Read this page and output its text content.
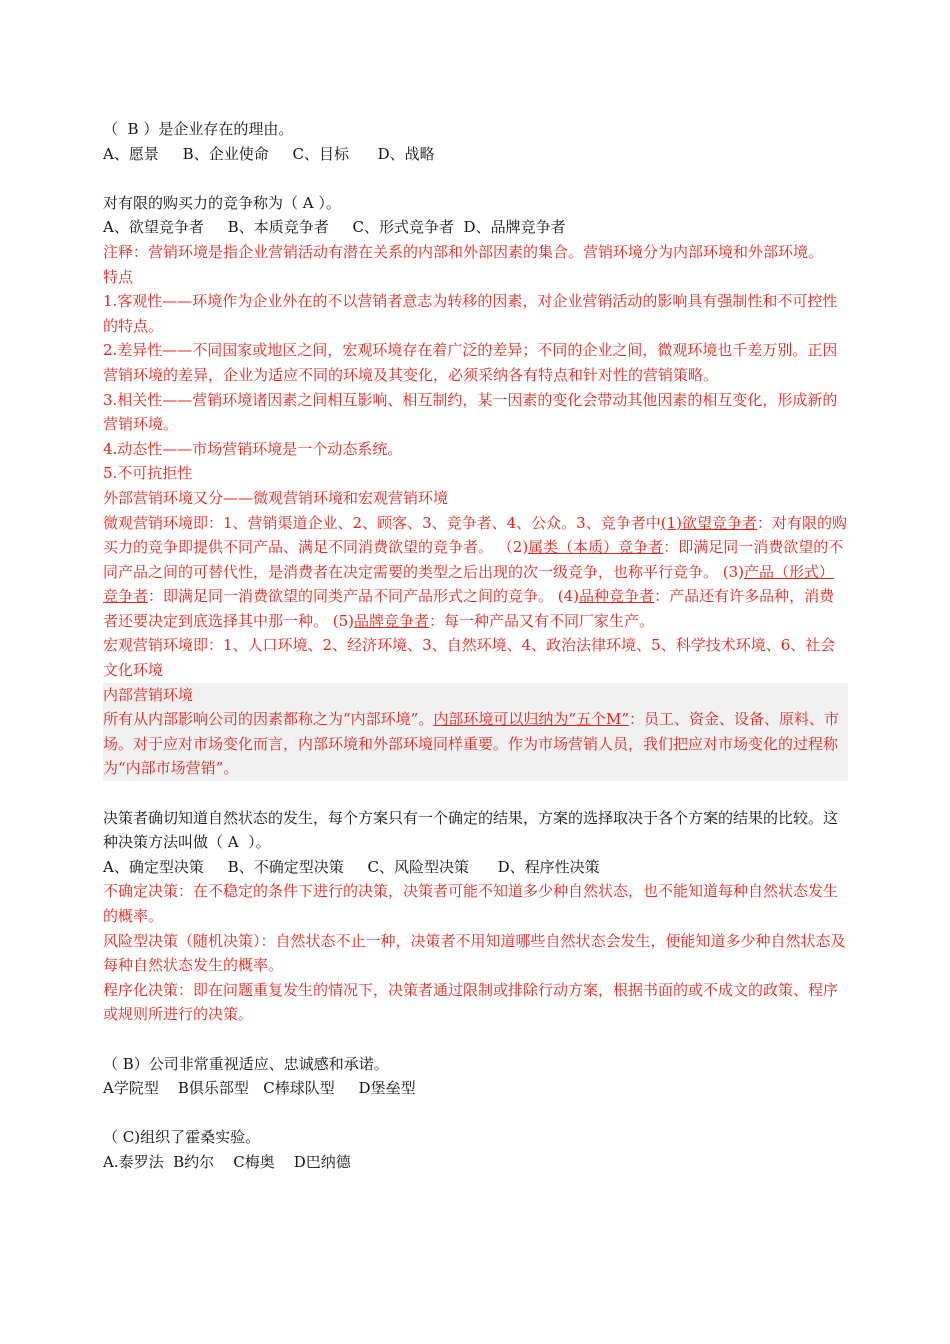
（  B ）是企业存在的理由。

A、愿景     B、企业使命     C、目标      D、战略

对有限的购买力的竞争称为（ A ）。

A、欲望竞争者     B、本质竞争者     C、形式竞争者  D、品牌竞争者

注释：营销环境是指企业营销活动有潜在关系的内部和外部因素的集合。营销环境分为内部环境和外部环境。

特点

1.客观性——环境作为企业外在的不以营销者意志为转移的因素，对企业营销活动的影响具有强制性和不可控性的特点。

2.差异性——不同国家或地区之间，宏观环境存在着广泛的差异；不同的企业之间，微观环境也千差万别。正因营销环境的差异，企业为适应不同的环境及其变化，必须采纳各有特点和针对性的营销策略。

3.相关性——营销环境诸因素之间相互影响、相互制约，某一因素的变化会带动其他因素的相互变化，形成新的营销环境。

4.动态性——市场营销环境是一个动态系统。

5.不可抗拒性

外部营销环境又分——微观营销环境和宏观营销环境

微观营销环境即：1、营销渠道企业、2、顾客、3、竞争者、4、公众。3、竞争者中(1)欲望竞争者：对有限的购买力的竞争即提供不同产品、满足不同消费欲望的竞争者。 （2)属类（本质）竞争者：即满足同一消费欲望的不同产品之间的可替代性，是消费者在决定需要的类型之后出现的次一级竞争，也称平行竞争。 (3)产品（形式）竞争者：即满足同一消费欲望的同类产品不同产品形式之间的竞争。 (4)品种竞争者：产品还有许多品种，消费者还要决定到底选择其中那一种。 (5)品牌竞争者：每一种产品又有不同厂家生产。

宏观营销环境即：1、人口环境、2、经济环境、3、自然环境、4、政治法律环境、5、科学技术环境、6、社会文化环境

内部营销环境

所有从内部影响公司的因素都称之为“内部环境”。内部环境可以归纳为“五个M”：员工、资金、设备、原料、市场。对于应对市场变化而言，内部环境和外部环境同样重要。作为市场营销人员，我们把应对市场变化的过程称为“内部市场营销”。

决策者确切知道自然状态的发生，每个方案只有一个确定的结果，方案的选择取决于各个方案的结果的比较。这种决策方法叫做（ A  ）。

A、确定型决策     B、不确定型决策     C、风险型决策      D、程序性决策

不确定决策：在不稳定的条件下进行的决策，决策者可能不知道多少种自然状态，也不能知道每种自然状态发生的概率。

风险型决策（随机决策）：自然状态不止一种，决策者不用知道哪些自然状态会发生，便能知道多少种自然状态及每种自然状态发生的概率。

程序化决策：即在问题重复发生的情况下，决策者通过限制或排除行动方案，根据书面的或不成文的政策、程序或规则所进行的决策。

（ B）公司非常重视适应、忠诚感和承诺。

A学院型    B俱乐部型   C棒球队型     D堡垒型

（ C)组织了霍桑实验。

A.泰罗法  B约尔    C梅奥    D巴纳德
